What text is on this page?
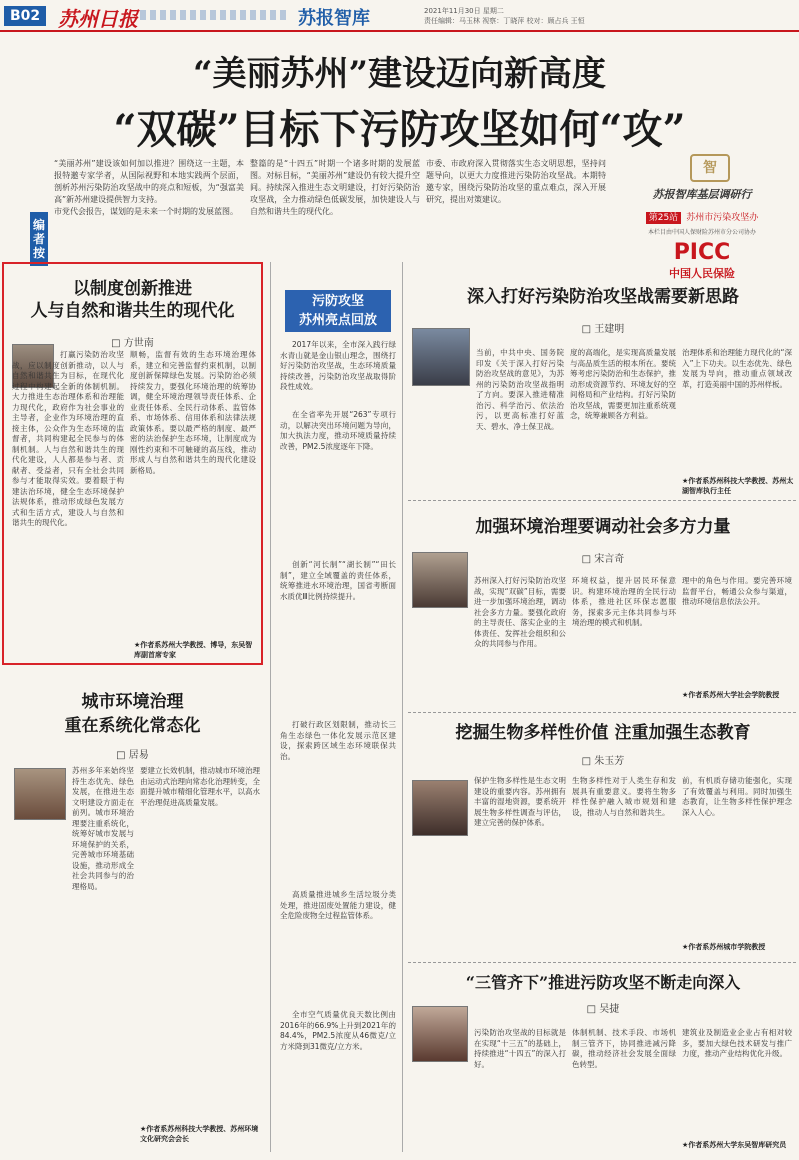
B02 苏州日报	苏报智库	2021年11月30日 星期二
责任编辑：马玉林 视察：丁晓萍 校对：顾占兵 王恒
“美丽苏州”建设迈向新高度
“双碳”目标下污防攻坚如何“攻”
编者按

“美丽苏州”建设该如何加以推进？围绕这一主题，本报特邀专家学者，从国际视野和本地实践两个层面，剖析苏州污染防治攻坚战中的亮点和短板，为“强富美高”新苏州建设提供智力支持。

市党代会报告，谋划的是未来一个时期的发展蓝图。

整篇的是“十四五”时期一个诸多时期的发展蓝图。对标目标，“美丽苏州”建设仍有较大提升空间。持续深入推进生态文明建设，打好污染防治攻坚战，全力推动绿色低碳发展，加快建设人与自然和谐共生的现代化。
市委、市政府深入贯彻落实生态文明思想，坚持问题导向，以更大力度推进污染防治攻坚战。本期特邀专家，围绕污染防治攻坚的重点难点，深入开展研究，提出对策建议。
智
苏报智库基层调研行
第25站 苏州市污染攻坚办
本栏目由中国人保财险苏州市分公司协办
PICC
中国人民保险
以制度创新推进
人与自然和谐共生的现代化
□ 方世南
打赢污染防治攻坚战，应以制度创新推动，以人与自然和谐共生为目标，在现代化过程中构建起全新的体制机制。大力推进生态治理体系和治理能力现代化，政府作为社会事业的主导者，企业作为环境治理的直接主体，公众作为生态环境的监督者，共同构建起全民参与的体制机制。人与自然和谐共生的现代化建设，人人都是参与者、贡献者、受益者，只有全社会共同参与才能取得实效。要着眼于构建法治环境，健全生态环境保护法规体系，推动形成绿色发展方式和生活方式，建设人与自然和谐共生的现代化。
顺畅，监督有效的生态环境治理体系，建立和完善监督约束机制，以制度创新保障绿色发展。污染防治必须持续发力，要强化环境治理的统筹协调，健全环境治理领导责任体系、企业责任体系、全民行动体系、监管体系、市场体系、信用体系和法律法规政策体系。要以最严格的制度、最严密的法治保护生态环境，让制度成为刚性约束和不可触碰的高压线，推动形成人与自然和谐共生的现代化建设新格局。
★作者系苏州大学教授、博导，东吴智库副首席专家
城市环境治理
重在系统化常态化
□ 居易
苏州多年来始终坚持生态优先、绿色发展，在推进生态文明建设方面走在前列。城市环境治理要注重系统化，统筹好城市发展与环境保护的关系，完善城市环境基础设施，推动形成全社会共同参与的治理格局。
要建立长效机制，推动城市环境治理由运动式治理向常态化治理转变，全面提升城市精细化管理水平，以高水平治理促进高质量发展。
★作者系苏州科技大学教授、苏州环境文化研究会会长
污防攻坚
苏州亮点回放
2017年以来，全市深入践行绿水青山就是金山银山理念，围绕打好污染防治攻坚战，生态环境质量持续改善，污染防治攻坚战取得阶段性成效。
在全省率先开展“263”专项行动，以解决突出环境问题为导向，加大执法力度，推动环境质量持续改善，PM2.5浓度逐年下降。
创新“河长制”“湖长制”“田长制”，建立全域覆盖的责任体系，统筹推进水环境治理，国省考断面水质优Ⅲ比例持续提升。
打破行政区划限制，推动长三角生态绿色一体化发展示范区建设，探索跨区域生态环境联保共治。
高质量推进城乡生活垃圾分类处理，推进固废处置能力建设，健全危险废物全过程监管体系。
全市空气质量优良天数比例由2016年的66.9%上升到2021年的84.4%，PM2.5浓度从46微克/立方米降到31微克/立方米。
深入打好污染防治攻坚战需要新思路
□ 王建明
当前，中共中央、国务院印发《关于深入打好污染防治攻坚战的意见》，为苏州的污染防治攻坚战指明了方向。要深入推进精准治污、科学治污、依法治污，以更高标准打好蓝天、碧水、净土保卫战。
度的高端化，是实现高质量发展与高品质生活的根本所在。要统筹考虑污染防治和生态保护，推动形成资源节约、环境友好的空间格局和产业结构。打好污染防治攻坚战，需要更加注重系统观念，统筹兼顾各方利益。
治理体系和治理能力现代化的“深入”上下功夫。以生态优先、绿色发展为导向，推动重点领域改革，打造美丽中国的苏州样板。
★作者系苏州科技大学教授、苏州太湖智库执行主任
加强环境治理要调动社会多方力量
□ 宋言奇
苏州深入打好污染防治攻坚战，实现“双碳”目标，需要进一步加强环境治理，调动社会多方力量。要强化政府的主导责任、落实企业的主体责任、发挥社会组织和公众的共同参与作用。
环境权益，提升居民环保意识。构建环境治理的全民行动体系，推进社区环保志愿服务，探索多元主体共同参与环境治理的模式和机制。
理中的角色与作用。要完善环境监督平台，畅通公众参与渠道，推动环境信息依法公开。
★作者系苏州大学社会学院教授
挖掘生物多样性价值 注重加强生态教育
□ 朱玉芳
保护生物多样性是生态文明建设的重要内容。苏州拥有丰富的湿地资源，要系统开展生物多样性调查与评估，建立完善的保护体系。
生物多样性对于人类生存和发展具有重要意义。要将生物多样性保护融入城市规划和建设，推动人与自然和谐共生。
前，有机质存储功能强化，实现了有效覆盖与利用。同时加强生态教育，让生物多样性保护理念深入人心。
★作者系苏州城市学院教授
“三管齐下”推进污防攻坚不断走向深入
□ 吴捷
污染防治攻坚战的目标就是在实现“十三五”的基础上，持续推进“十四五”的深入打好。
体制机制、技术手段、市场机制三管齐下，协同推进减污降碳，推动经济社会发展全面绿色转型。
建筑业及制造业企业占有相对较多，要加大绿色技术研发与推广力度，推动产业结构优化升级。
★作者系苏州大学东吴智库研究员
